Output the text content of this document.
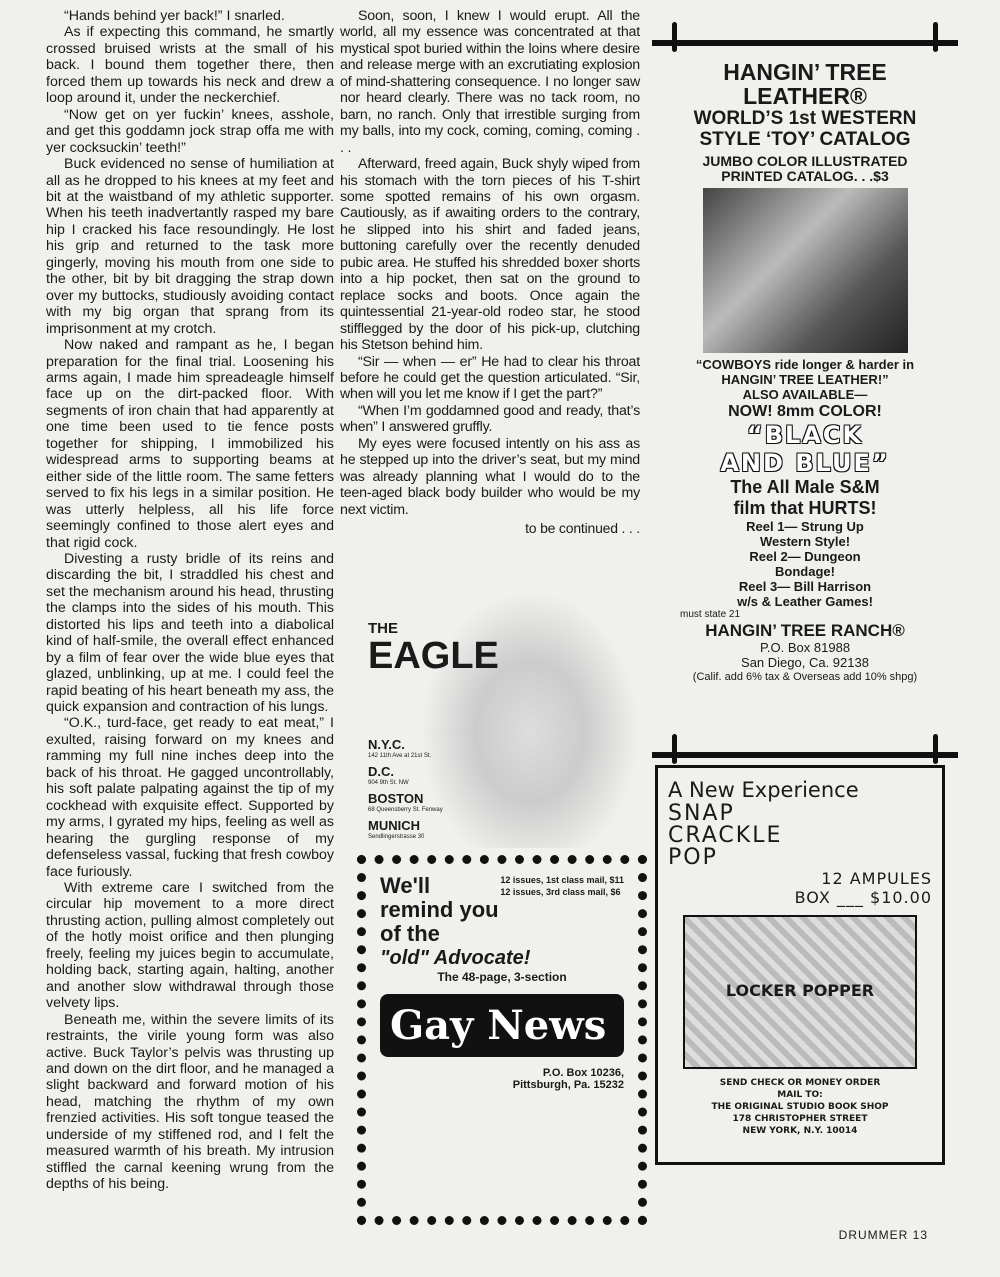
“Hands behind yer back!” I snarled.

As if expecting this command, he smartly crossed bruised wrists at the small of his back. I bound them together there, then forced them up towards his neck and drew a loop around it, under the neckerchief.

“Now get on yer fuckin’ knees, asshole, and get this goddamn jock strap offa me with yer cocksuckin’ teeth!”

Buck evidenced no sense of humiliation at all as he dropped to his knees at my feet and bit at the waistband of my athletic supporter. When his teeth inadvertantly rasped my bare hip I cracked his face resoundingly. He lost his grip and returned to the task more gingerly, moving his mouth from one side to the other, bit by bit dragging the strap down over my buttocks, studiously avoiding contact with my big organ that sprang from its imprisonment at my crotch.

Now naked and rampant as he, I began preparation for the final trial. Loosening his arms again, I made him spreadeagle himself face up on the dirt-packed floor. With segments of iron chain that had apparently at one time been used to tie fence posts together for shipping, I immobilized his widespread arms to supporting beams at either side of the little room. The same fetters served to fix his legs in a similar position. He was utterly helpless, all his life force seemingly confined to those alert eyes and that rigid cock.

Divesting a rusty bridle of its reins and discarding the bit, I straddled his chest and set the mechanism around his head, thrusting the clamps into the sides of his mouth. This distorted his lips and teeth into a diabolical kind of half-smile, the overall effect enhanced by a film of fear over the wide blue eyes that glazed, unblinking, up at me. I could feel the rapid beating of his heart beneath my ass, the quick expansion and contraction of his lungs.

“O.K., turd-face, get ready to eat meat,” I exulted, raising forward on my knees and ramming my full nine inches deep into the back of his throat. He gagged uncontrollably, his soft palate palpating against the tip of my cockhead with exquisite effect. Supported by my arms, I gyrated my hips, feeling as well as hearing the gurgling response of my defenseless vassal, fucking that fresh cowboy face furiously.

With extreme care I switched from the circular hip movement to a more direct thrusting action, pulling almost completely out of the hotly moist orifice and then plunging freely, feeling my juices begin to accumulate, holding back, starting again, halting, another and another slow withdrawal through those velvety lips.

Beneath me, within the severe limits of its restraints, the virile young form was also active. Buck Taylor’s pelvis was thrusting up and down on the dirt floor, and he managed a slight backward and forward motion of his head, matching the rhythm of my own frenzied activities. His soft tongue teased the underside of my stiffened rod, and I felt the measured warmth of his breath. My intrusion stiffled the carnal keening wrung from the depths of his being.

Soon, soon, I knew I would erupt. All the world, all my essence was concentrated at that mystical spot buried within the loins where desire and release merge with an excrutiating explosion of mind-shattering consequence. I no longer saw nor heard clearly. There was no tack room, no barn, no ranch. Only that irrestible surging from my balls, into my cock, coming, coming, coming . . .

Afterward, freed again, Buck shyly wiped from his stomach with the torn pieces of his T-shirt some spotted remains of his own orgasm. Cautiously, as if awaiting orders to the contrary, he slipped into his shirt and faded jeans, buttoning carefully over the recently denuded pubic area. He stuffed his shredded boxer shorts into a hip pocket, then sat on the ground to replace socks and boots. Once again the quintessential 21-year-old rodeo star, he stood stifflegged by the door of his pick-up, clutching his Stetson behind him.

“Sir — when — er” He had to clear his throat before he could get the question articulated. “Sir, when will you let me know if I get the part?”

“When I’m goddamned good and ready, that’s when” I answered gruffly.

My eyes were focused intently on his ass as he stepped up into the driver’s seat, but my mind was already planning what I would do to the teen-aged black body builder who would be my next victim.

to be continued . . .
HANGIN’ TREE
LEATHER®
WORLD’S 1st WESTERN
STYLE ‘TOY’ CATALOG
JUMBO COLOR ILLUSTRATED
PRINTED CATALOG. . .$3
“COWBOYS ride longer & harder in
HANGIN’ TREE LEATHER!”
ALSO AVAILABLE—
NOW! 8mm COLOR!
“BLACK
AND BLUE”
The All Male S&M
film that HURTS!
Reel 1— Strung Up
Western Style!
Reel 2— Dungeon
Bondage!
Reel 3— Bill Harrison
w/s & Leather Games!
must state 21
HANGIN’ TREE RANCH®
P.O. Box 81988
San Diego, Ca. 92138
(Calif. add 6% tax & Overseas add 10% shpg)
THE
EAGLE
N.Y.C.
142 11th Ave at 21st St.
D.C.
904 9th St. NW
BOSTON
68 Queensberry St. Fenway
MUNICH
Sendlingerstrasse 30
12 issues, 1st class mail, $11
12 issues, 3rd class mail, $6
We'll
remind you
of the
"old" Advocate!
The 48-page, 3-section
Gay News
P.O. Box 10236,
Pittsburgh, Pa. 15232
A New Experience
SNAP
CRACKLE
POP
12 AMPULES
BOX ___ $10.00
LOCKER POPPER
SEND CHECK OR MONEY ORDER
MAIL TO:
THE ORIGINAL STUDIO BOOK SHOP
178 CHRISTOPHER STREET
NEW YORK, N.Y. 10014
DRUMMER 13
